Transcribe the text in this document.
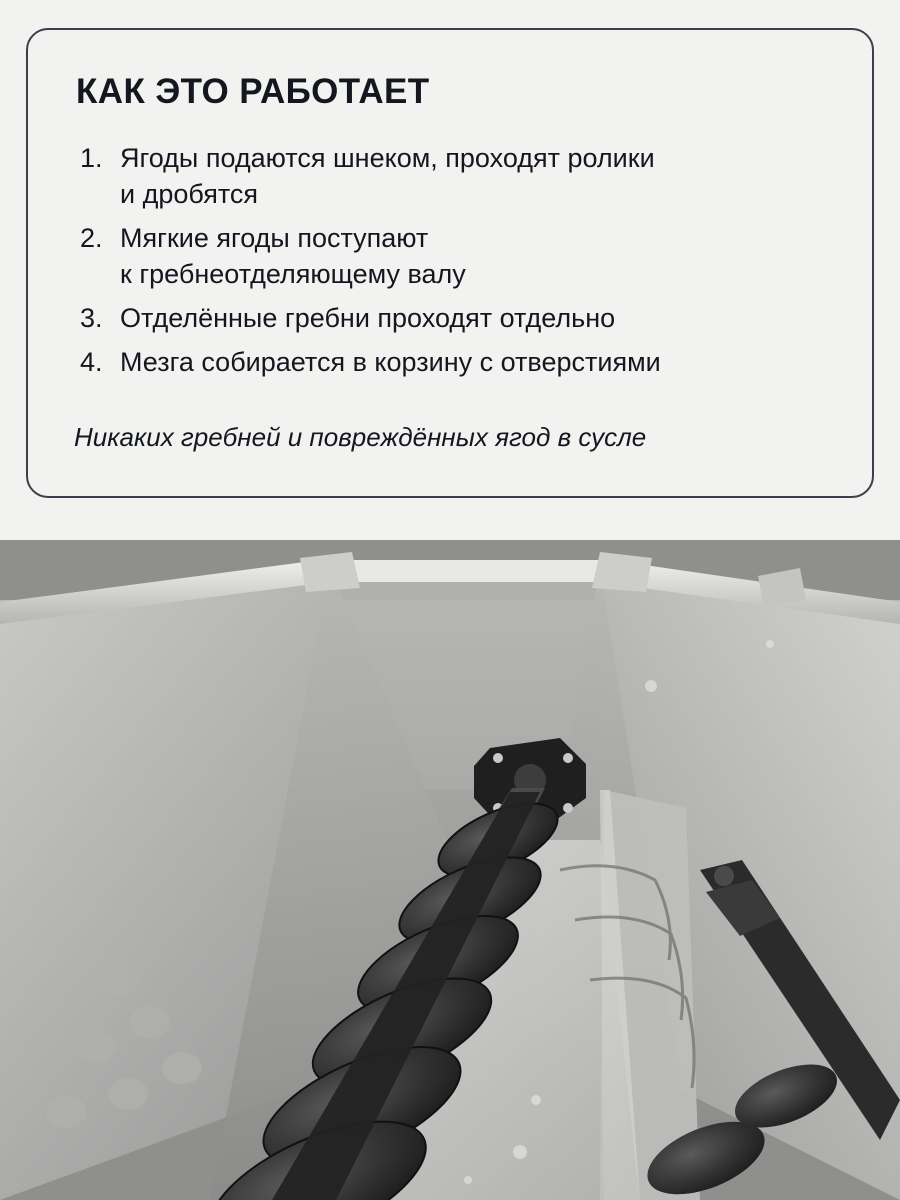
КАК ЭТО РАБОТАЕТ
Ягоды подаются шнеком, проходят ролики
и дробятся
Мягкие ягоды поступают
к гребнеотделяющему валу
Отделённые гребни проходят отдельно
Мезга собирается в корзину с отверстиями

Никаких гребней и повреждённых ягод в сусле
